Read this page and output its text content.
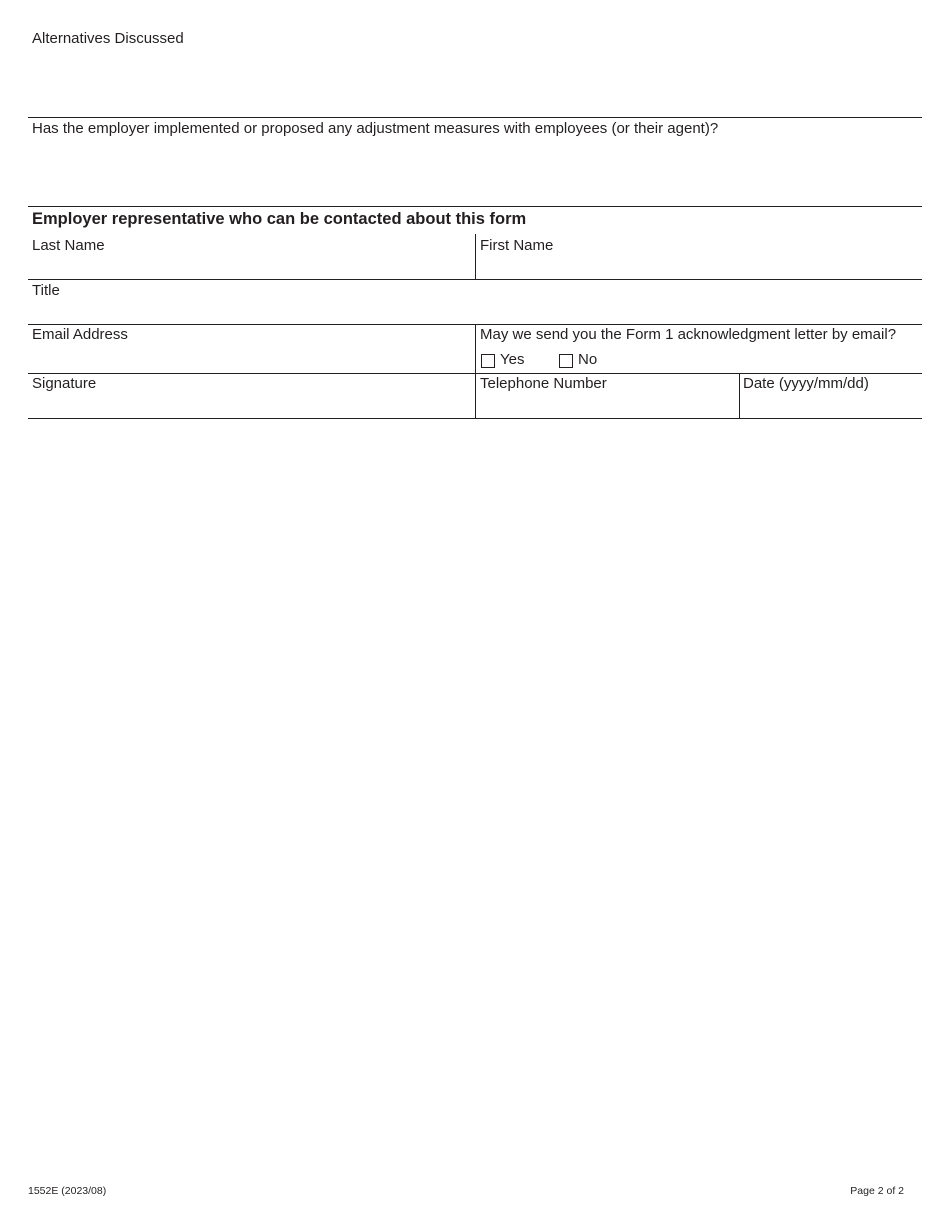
Alternatives Discussed
Has the employer implemented or proposed any adjustment measures with employees (or their agent)?
Employer representative who can be contacted about this form
Last Name	First Name
Title
Email Address	May we send you the Form 1 acknowledgment letter by email?
Yes	No
Signature	Telephone Number	Date (yyyy/mm/dd)
1552E (2023/08)	Page 2 of 2
